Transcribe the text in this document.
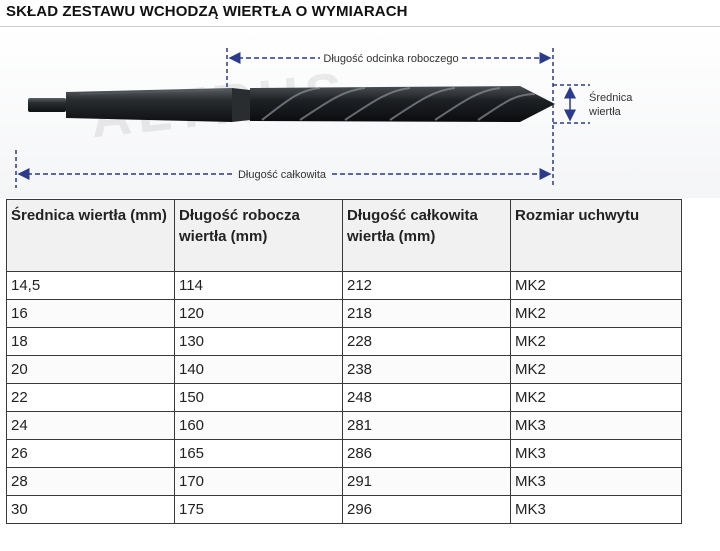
SKŁAD ZESTAWU WCHODZĄ WIERTŁA O WYMIARACH
Długość odcinka roboczego
Długość całkowita
Średnica
wiertła
Średnica wiertła (mm)	Długość robocza wiertła (mm)	Długość całkowita wiertła (mm)	Rozmiar uchwytu
14,5	114	212	MK2
16	120	218	MK2
18	130	228	MK2
20	140	238	MK2
22	150	248	MK2
24	160	281	MK3
26	165	286	MK3
28	170	291	MK3
30	175	296	MK3
